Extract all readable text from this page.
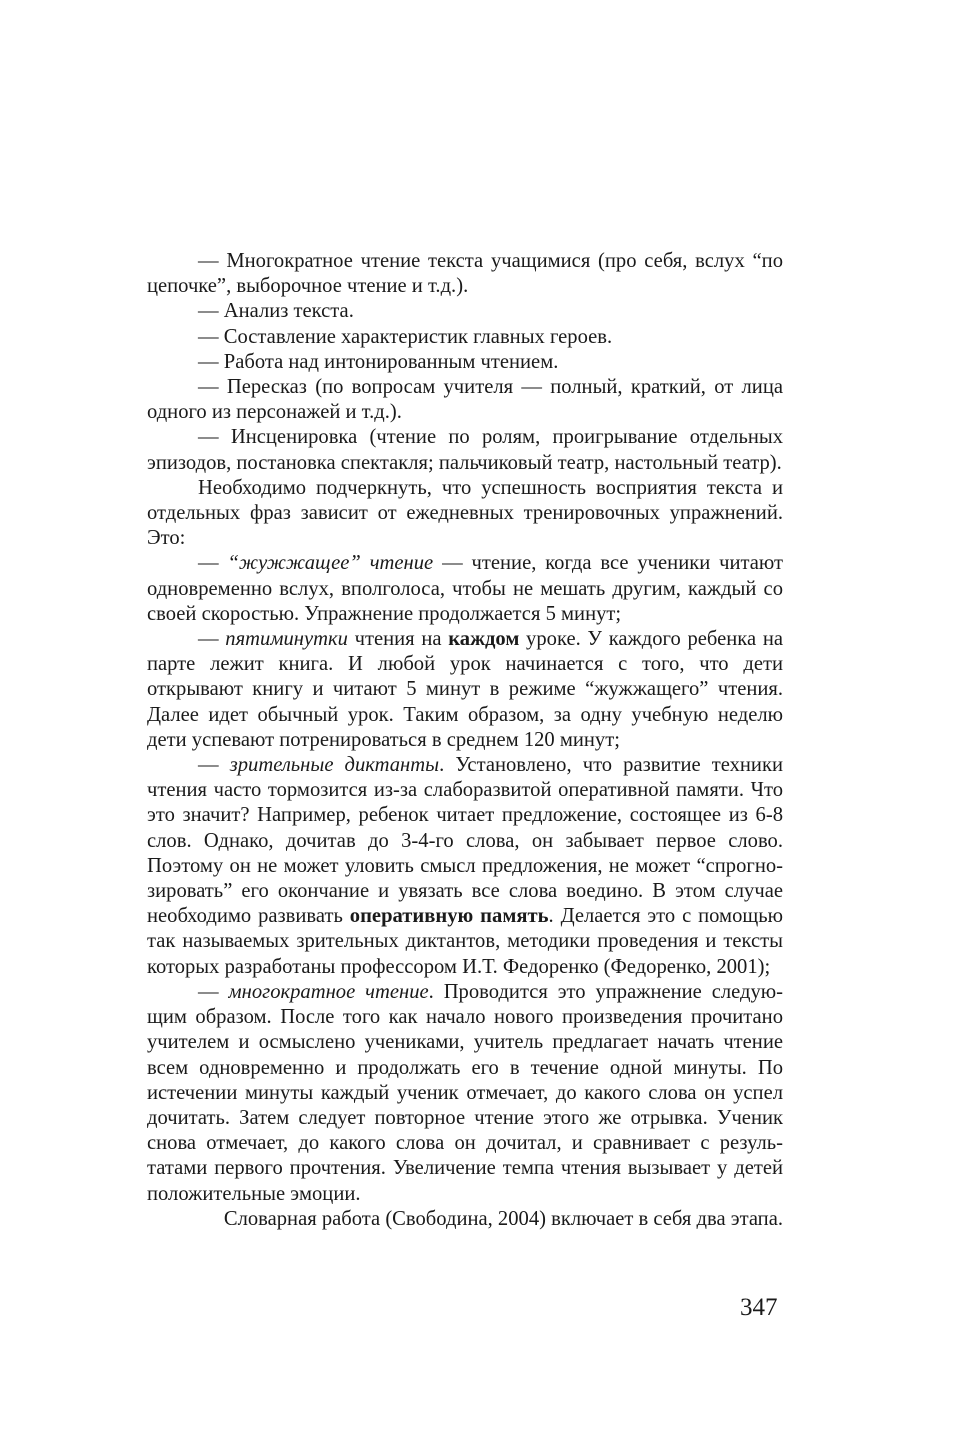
— Многократное чтение текста учащимися (про себя, вслух “по цепочке”, выборочное чтение и т.д.).

— Анализ текста.

— Составление характеристик главных героев.

— Работа над интонированным чтением.

— Пересказ (по вопросам учителя — полный, краткий, от лица одного из персонажей и т.д.).

— Инсценировка (чтение по ролям, проигрывание отдельных эпизодов, постановка спектакля; пальчиковый театр, настольный театр).

Необходимо подчеркнуть, что успешность восприятия текста и отдельных фраз зависит от ежедневных тренировочных упражнений. Это:

— “жужжащее” чтение — чтение, когда все ученики читают одновременно вслух, вполголоса, чтобы не мешать другим, каждый со своей скоростью. Упражнение продолжается 5 минут;

— пятиминутки чтения на каждом уроке. У каждого ребенка на парте лежит книга. И любой урок начинается с того, что дети открывают книгу и читают 5 минут в режиме “жужжащего” чтения. Далее идет обычный урок. Таким образом, за одну учебную неделю дети успевают потренироваться в среднем 120 минут;

— зрительные диктанты. Установлено, что развитие техники чтения часто тормозится из-за слаборазвитой оперативной памяти. Что это значит? Например, ребенок читает предложение, состоящее из 6-8 слов. Однако, дочитав до 3-4-го слова, он забывает первое слово. Поэтому он не может уловить смысл предложения, не может “спрогнозировать” его окончание и увязать все слова воедино. В этом случае необходимо развивать оперативную память. Делается это с помощью так называемых зрительных диктантов, методики проведения и тексты которых разработаны профессором И.Т. Федоренко (Федоренко, 2001);

— многократное чтение. Проводится это упражнение следующим образом. После того как начало нового произведения прочитано учителем и осмыслено учениками, учитель предлагает начать чтение всем одновременно и продолжать его в течение одной минуты. По истечении минуты каждый ученик отмечает, до какого слова он успел дочитать. Затем следует повторное чтение этого же отрывка. Ученик снова отмечает, до какого слова он дочитал, и сравнивает с результатами первого прочтения. Увеличение темпа чтения вызывает у детей положительные эмоции.

Словарная работа (Свободина, 2004) включает в себя два этапа.

347
